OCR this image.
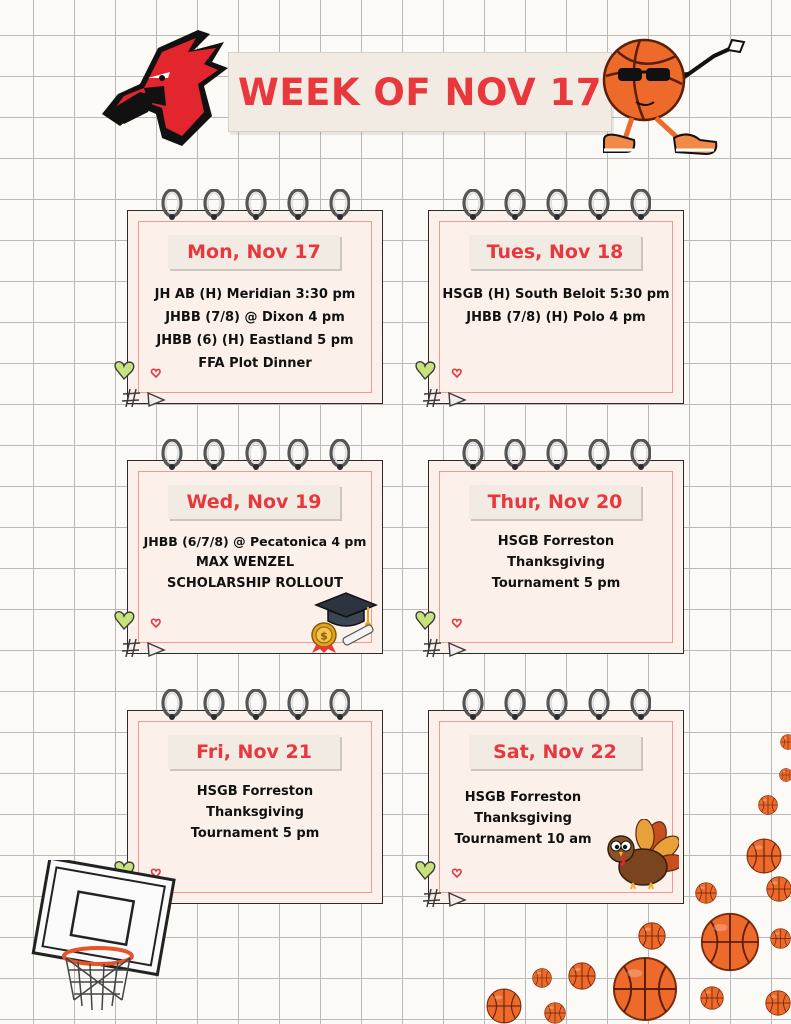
WEEK OF NOV 17
Mon, Nov 17
JH AB (H) Meridian 3:30 pm
JHBB (7/8) @ Dixon 4 pm
JHBB (6) (H) Eastland 5 pm
FFA Plot Dinner
Tues, Nov 18
HSGB (H) South Beloit 5:30 pm
JHBB (7/8) (H) Polo 4 pm
Wed, Nov 19
JHBB (6/7/8) @ Pecatonica 4 pm
MAX WENZEL
SCHOLARSHIP ROLLOUT
$
Thur, Nov 20
HSGB Forreston
Thanksgiving
Tournament 5 pm
Fri, Nov 21
HSGB Forreston
Thanksgiving
Tournament 5 pm
Sat, Nov 22
HSGB Forreston
Thanksgiving
Tournament 10 am
